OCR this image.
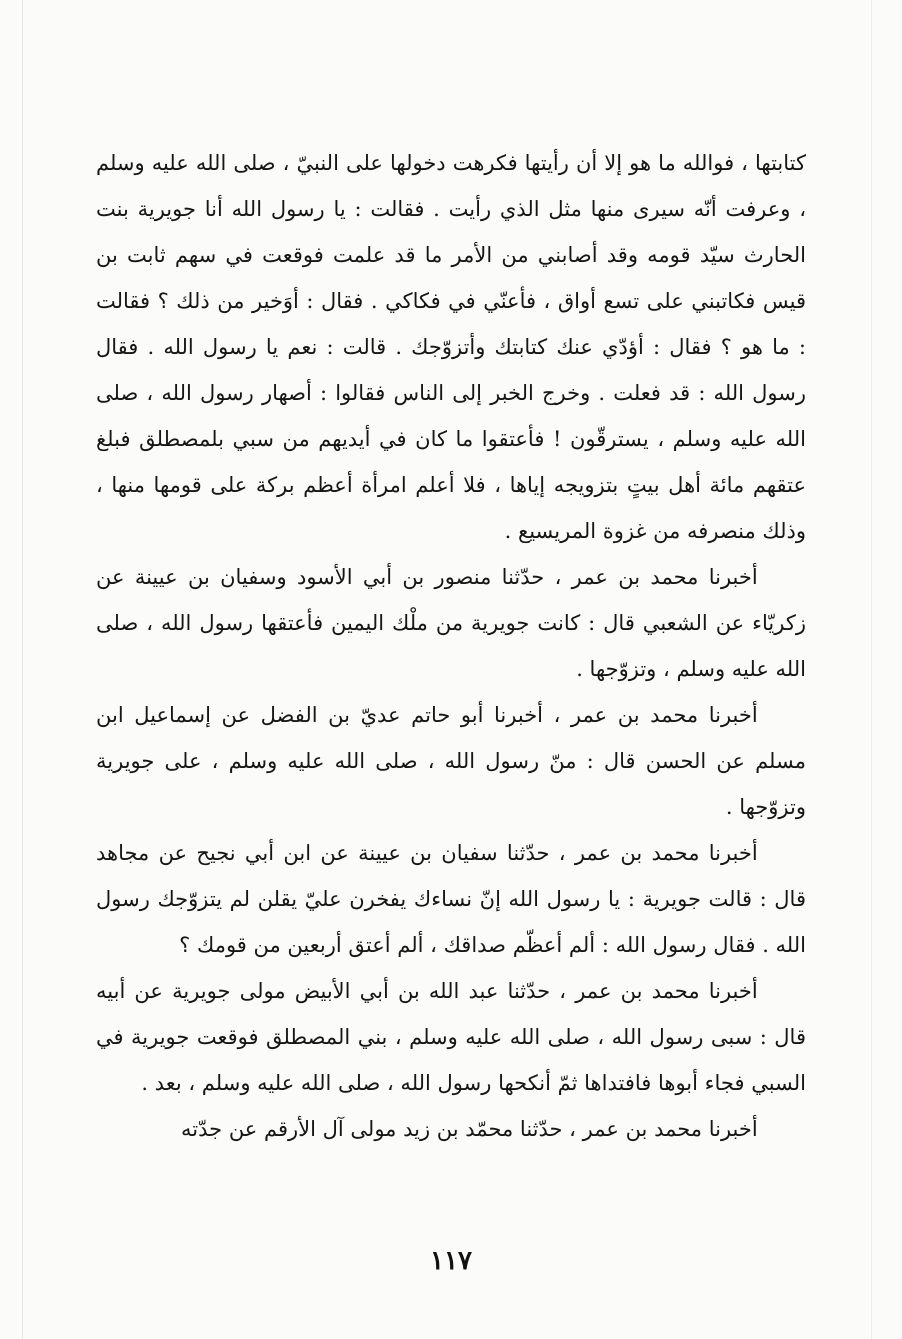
كتابتها ، فوالله ما هو إلا أن رأيتها فكرهت دخولها على النبيّ ، صلى الله عليه وسلم ، وعرفت أنّه سيرى منها مثل الذي رأيت . فقالت : يا رسول الله أنا جويرية بنت الحارث سيّد قومه وقد أصابني من الأمر ما قد علمت فوقعت في سهم ثابت بن قيس فكاتبني على تسع أواق ، فأعنّي في فكاكي . فقال : أوَخير من ذلك ؟ فقالت : ما هو ؟ فقال : أؤدّي عنك كتابتك وأتزوّجك . قالت : نعم يا رسول الله . فقال رسول الله : قد فعلت . وخرج الخبر إلى الناس فقالوا : أصهار رسول الله ، صلى الله عليه وسلم ، يسترقّون ! فأعتقوا ما كان في أيديهم من سبي بلمصطلق فبلغ عتقهم مائة أهل بيتٍ بتزويجه إياها ، فلا أعلم امرأة أعظم بركة على قومها منها ، وذلك منصرفه من غزوة المريسيع .

أخبرنا محمد بن عمر ، حدّثنا منصور بن أبي الأسود وسفيان بن عيينة عن زكريّاء عن الشعبي قال : كانت جويرية من ملْك اليمين فأعتقها رسول الله ، صلى الله عليه وسلم ، وتزوّجها .

أخبرنا محمد بن عمر ، أخبرنا أبو حاتم عديّ بن الفضل عن إسماعيل ابن مسلم عن الحسن قال : منّ رسول الله ، صلى الله عليه وسلم ، على جويرية وتزوّجها .

أخبرنا محمد بن عمر ، حدّثنا سفيان بن عيينة عن ابن أبي نجيح عن مجاهد قال : قالت جويرية : يا رسول الله إنّ نساءك يفخرن عليّ يقلن لم يتزوّجك رسول الله . فقال رسول الله : ألم أعظّم صداقك ، ألم أعتق أربعين من قومك ؟

أخبرنا محمد بن عمر ، حدّثنا عبد الله بن أبي الأبيض مولى جويرية عن أبيه قال : سبى رسول الله ، صلى الله عليه وسلم ، بني المصطلق فوقعت جويرية في السبي فجاء أبوها فافتداها ثمّ أنكحها رسول الله ، صلى الله عليه وسلم ، بعد .

أخبرنا محمد بن عمر ، حدّثنا محمّد بن زيد مولى آل الأرقم عن جدّته

١١٧
